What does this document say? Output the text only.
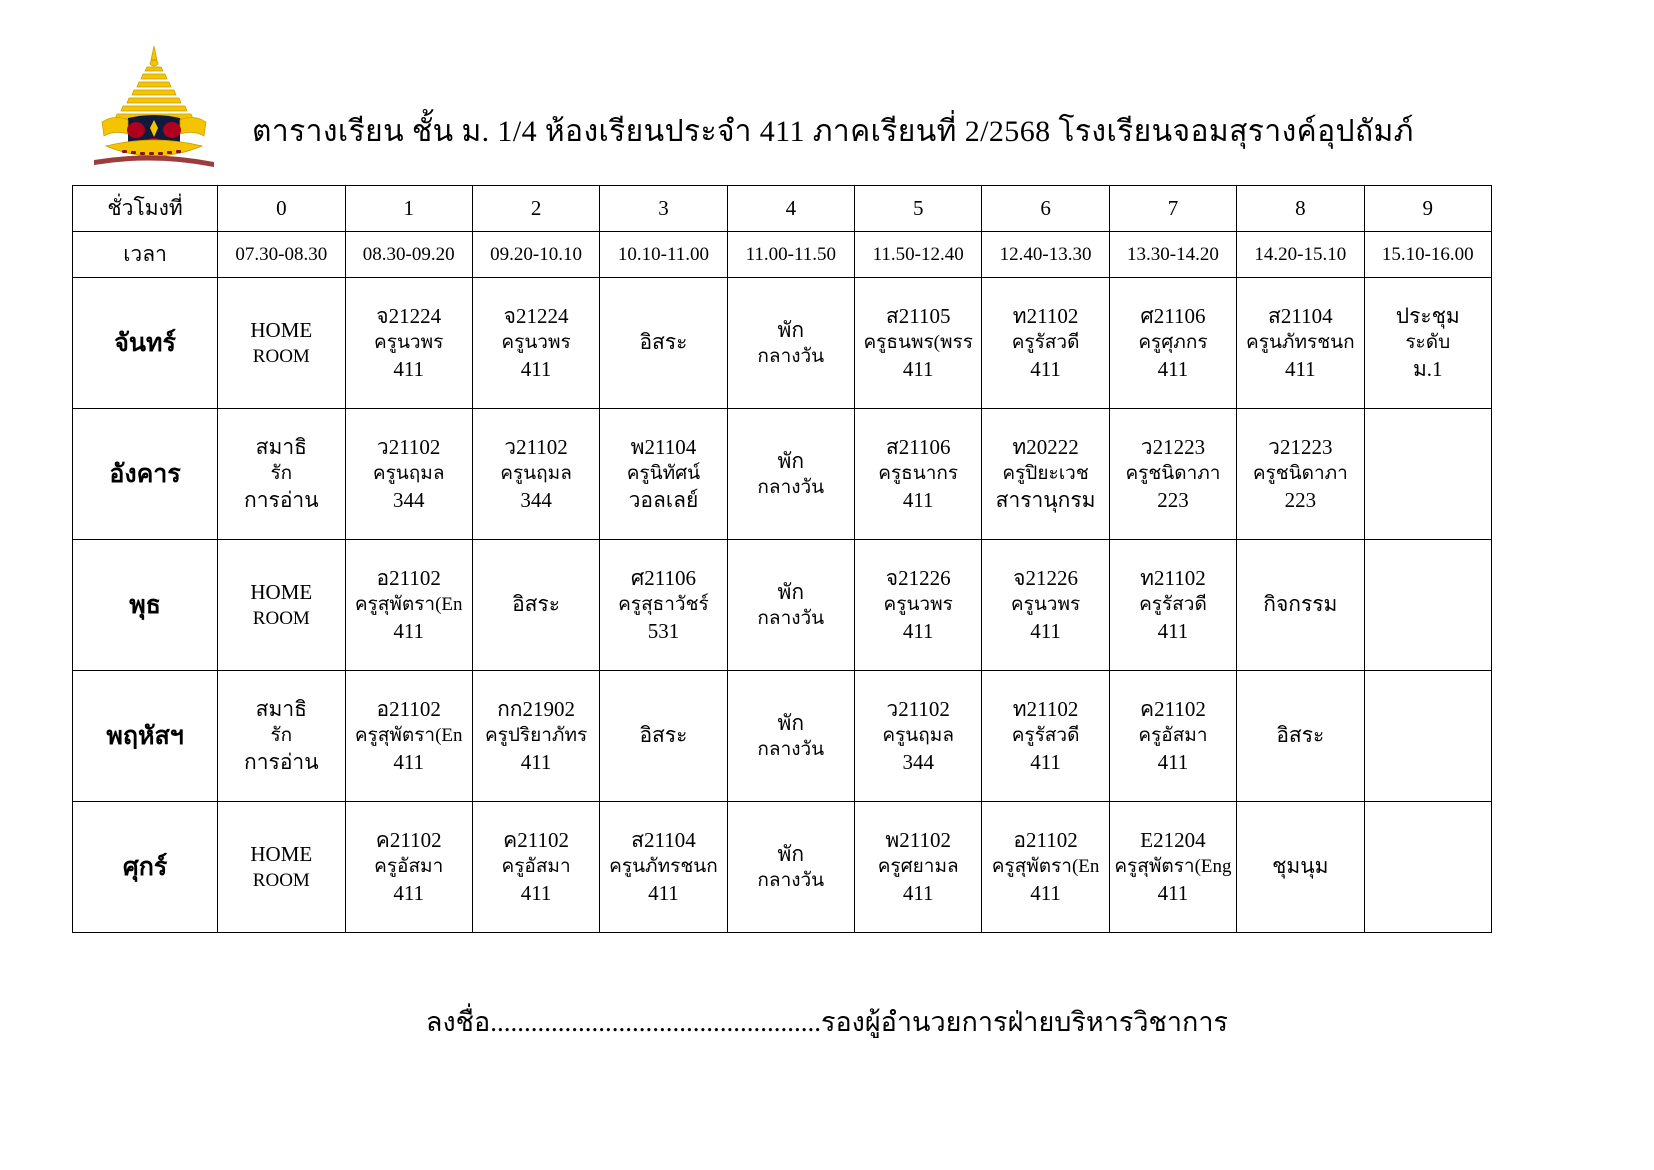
ตารางเรียน ชั้น ม. 1/4 ห้องเรียนประจำ 411 ภาคเรียนที่ 2/2568 โรงเรียนจอมสุรางค์อุปถัมภ์
ชั่วโมงที่	0	1	2	3	4	5	6	7	8	9
เวลา	07.30-08.30	08.30-09.20	09.20-10.10	10.10-11.00	11.00-11.50	11.50-12.40	12.40-13.30	13.30-14.20	14.20-15.10	15.10-16.00
จันทร์	HOME
ROOM	จ21224
ครูนวพร
411	จ21224
ครูนวพร
411	อิสระ	พัก
กลางวัน	ส21105
ครูธนพร(พรร
411	ท21102
ครูรัสวดี
411	ศ21106
ครูศุภกร
411	ส21104
ครูนภัทรชนก
411	ประชุม
ระดับ
ม.1

อังคาร	สมาธิ
รัก
การอ่าน	ว21102
ครูนฤมล
344	ว21102
ครูนฤมล
344	พ21104
ครูนิทัศน์
วอลเลย์	พัก
กลางวัน	ส21106
ครูธนากร
411	ท20222
ครูปิยะเวช
สารานุกรม	ว21223
ครูชนิดาภา
223	ว21223
ครูชนิดาภา
223	

พุธ	HOME
ROOM	อ21102
ครูสุพัตรา(En
411	อิสระ	ศ21106
ครูสุธาวัชร์
531	พัก
กลางวัน	จ21226
ครูนวพร
411	จ21226
ครูนวพร
411	ท21102
ครูรัสวดี
411	กิจกรรม	

พฤหัสฯ	สมาธิ
รัก
การอ่าน	อ21102
ครูสุพัตรา(En
411	กก21902
ครูปริยาภัทร
411	อิสระ	พัก
กลางวัน	ว21102
ครูนฤมล
344	ท21102
ครูรัสวดี
411	ค21102
ครูอัสมา
411	อิสระ	

ศุกร์	HOME
ROOM	ค21102
ครูอัสมา
411	ค21102
ครูอัสมา
411	ส21104
ครูนภัทรชนก
411	พัก
กลางวัน	พ21102
ครูศยามล
411	อ21102
ครูสุพัตรา(En
411	E21204
ครูสุพัตรา(Eng
411	ชุมนุม	

ลงชื่อ.................................................รองผู้อำนวยการฝ่ายบริหารวิชาการ
